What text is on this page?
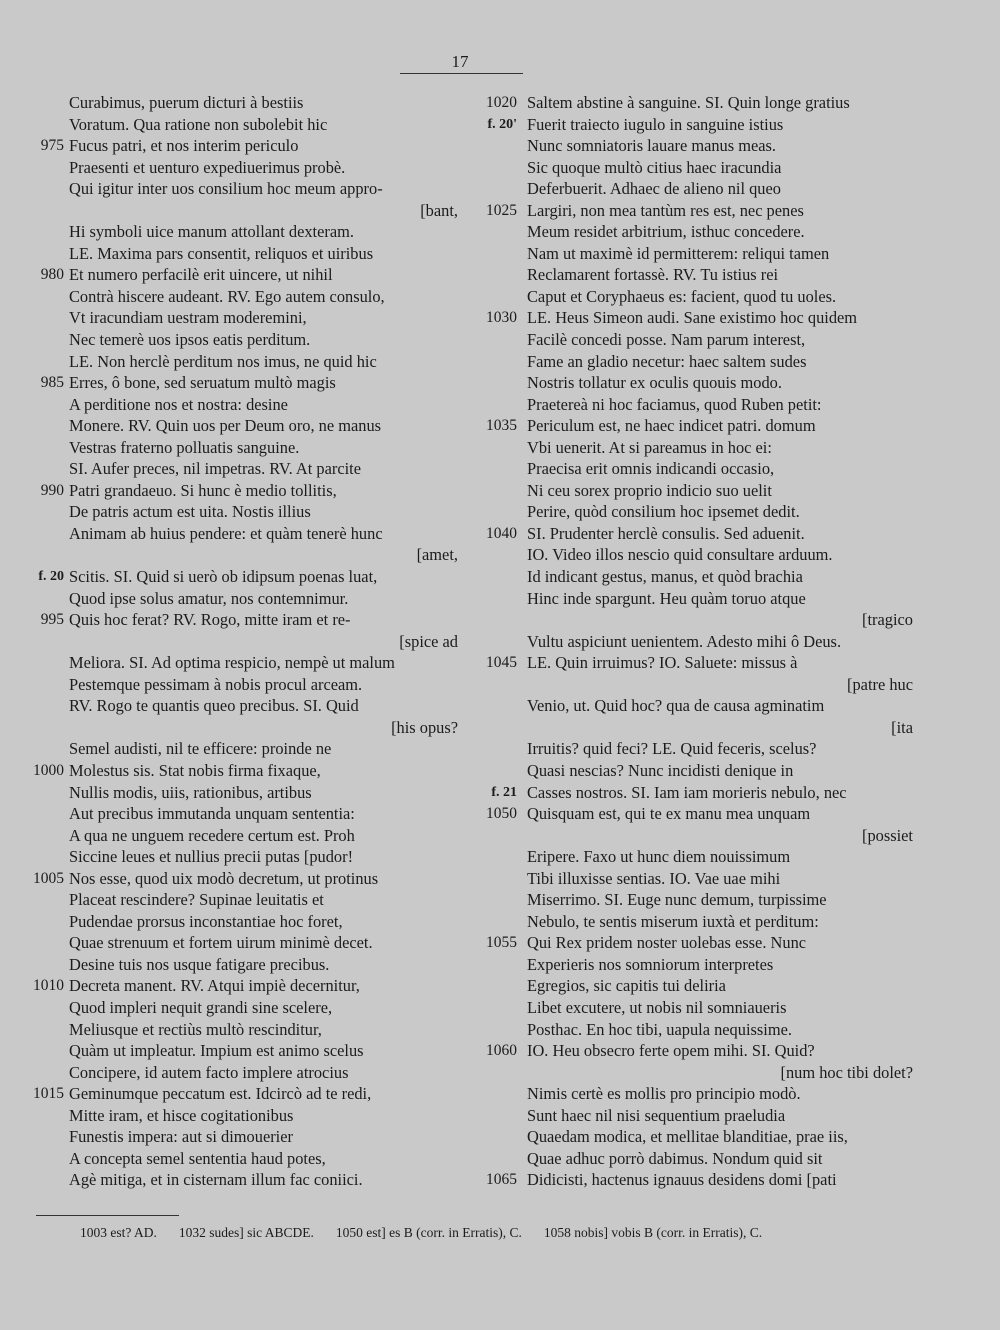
17
Curabimus, puerum dicturi à bestiis
Voratum. Qua ratione non subolebit hic
975 Fucus patri, et nos interim periculo
Praesenti et uenturo expediuerimus probè.
Qui igitur inter uos consilium hoc meum appro-
[bant,
Hi symboli uice manum attollant dexteram.
LE. Maxima pars consentit, reliquos et uiribus
980 Et numero perfacilè erit uincere, ut nihil
Contrà hiscere audeant. RV. Ego autem consulo,
Vt iracundiam uestram moderemini,
Nec temerè uos ipsos eatis perditum.
LE. Non herclè perditum nos imus, ne quid hic
985 Erres, ô bone, sed seruatum multò magis
A perditione nos et nostra: desine
Monere. RV. Quin uos per Deum oro, ne manus
Vestras fraterno polluatis sanguine.
SI. Aufer preces, nil impetras. RV. At parcite
990 Patri grandaeuo. Si hunc è medio tollitis,
De patris actum est uita. Nostis illius
Animam ab huius pendere: et quàm tenerè hunc
[amet,
f. 20 Scitis. SI. Quid si uerò ob idipsum poenas luat,
Quod ipse solus amatur, nos contemnimur.
995 Quis hoc ferat? RV. Rogo, mitte iram et re-
[spice ad
Meliora. SI. Ad optima respicio, nempè ut malum
Pestemque pessimam à nobis procul arceam.
RV. Rogo te quantis queo precibus. SI. Quid
[his opus?
Semel audisti, nil te efficere: proinde ne
1000 Molestus sis. Stat nobis firma fixaque,
Nullis modis, uiis, rationibus, artibus
Aut precibus immutanda unquam sententia:
A qua ne unguem recedere certum est. Proh
Siccine leues et nullius precii putas [pudor!
1005 Nos esse, quod uix modò decretum, ut protinus
Placeat rescindere? Supinae leuitatis et
Pudendae prorsus inconstantiae hoc foret,
Quae strenuum et fortem uirum minimè decet.
Desine tuis nos usque fatigare precibus.
1010 Decreta manent. RV. Atqui impiè decernitur,
Quod impleri nequit grandi sine scelere,
Meliusque et rectiùs multò rescinditur,
Quàm ut impleatur. Impium est animo scelus
Concipere, id autem facto implere atrocius
1015 Geminumque peccatum est. Idcircò ad te redi,
Mitte iram, et hisce cogitationibus
Funestis impera: aut si dimouerier
A concepta semel sententia haud potes,
Agè mitiga, et in cisternam illum fac coniici.
1020 Saltem abstine à sanguine. SI. Quin longe gratius
f. 20' Fuerit traiecto iugulo in sanguine istius
Nunc somniatoris lauare manus meas.
Sic quoque multò citius haec iracundia
Deferbuerit. Adhaec de alieno nil queo
1025 Largiri, non mea tantùm res est, nec penes
Meum residet arbitrium, isthuc concedere.
Nam ut maximè id permitterem: reliqui tamen
Reclamarent fortassè. RV. Tu istius rei
Caput et Coryphaeus es: facient, quod tu uoles.
1030 LE. Heus Simeon audi. Sane existimo hoc quidem
Facilè concedi posse. Nam parum interest,
Fame an gladio necetur: haec saltem sudes
Nostris tollatur ex oculis quouis modo.
Praetereà ni hoc faciamus, quod Ruben petit:
1035 Periculum est, ne haec indicet patri. domum
Vbi uenerit. At si pareamus in hoc ei:
Praecisa erit omnis indicandi occasio,
Ni ceu sorex proprio indicio suo uelit
Perire, quòd consilium hoc ipsemet dedit.
1040 SI. Prudenter herclè consulis. Sed aduenit.
IO. Video illos nescio quid consultare arduum.
Id indicant gestus, manus, et quòd brachia
Hinc inde spargunt. Heu quàm toruo atque
[tragico
Vultu aspiciunt uenientem. Adesto mihi ô Deus.
1045 LE. Quin irruimus? IO. Saluete: missus à
[patre huc
Venio, ut. Quid hoc? qua de causa agminatim
[ita
Irruitis? quid feci? LE. Quid feceris, scelus?
Quasi nescias? Nunc incidisti denique in
f. 21 Casses nostros. SI. Iam iam morieris nebulo, nec
1050 Quisquam est, qui te ex manu mea unquam
[possiet
Eripere. Faxo ut hunc diem nouissimum
Tibi illuxisse sentias. IO. Vae uae mihi
Miserrimo. SI. Euge nunc demum, turpissime
Nebulo, te sentis miserum iuxtà et perditum:
1055 Qui Rex pridem noster uolebas esse. Nunc
Experieris nos somniorum interpretes
Egregios, sic capitis tui deliria
Libet excutere, ut nobis nil somniaueris
Posthac. En hoc tibi, uapula nequissime.
1060 IO. Heu obsecro ferte opem mihi. SI. Quid?
[num hoc tibi dolet?
Nimis certè es mollis pro principio modò.
Sunt haec nil nisi sequentium praeludia
Quaedam modica, et mellitae blanditiae, prae iis,
Quae adhuc porrò dabimus. Nondum quid sit
1065 Didicisti, hactenus ignauus desidens domi [pati
1003 est? AD. 1032 sudes] sic ABCDE. 1050 est] es B (corr. in Erratis), C. 1058 nobis] vobis B (corr. in Erratis), C.
